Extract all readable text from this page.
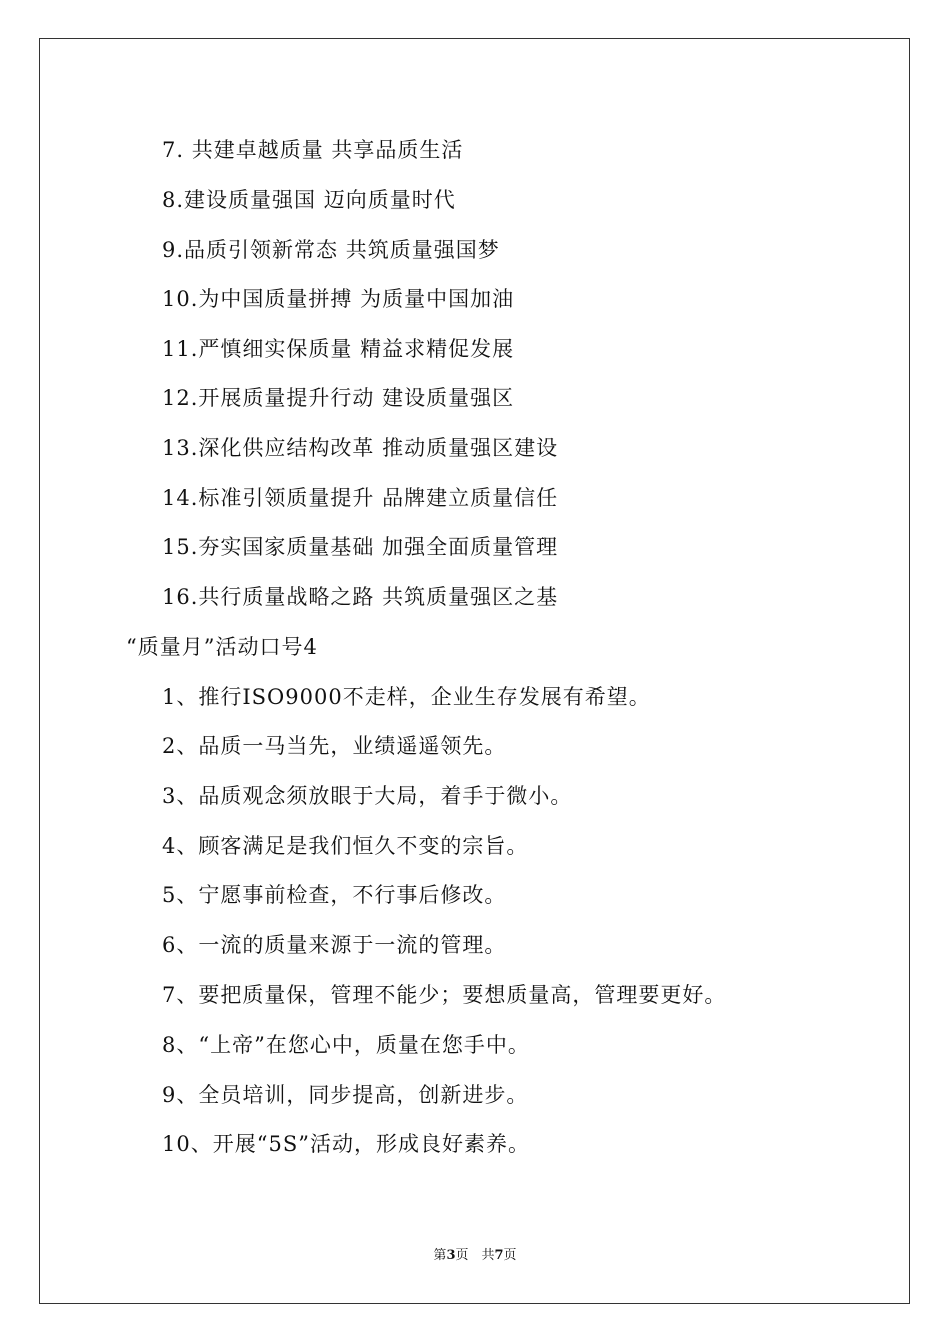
7. 共建卓越质量 共享品质生活
8.建设质量强国 迈向质量时代
9.品质引领新常态 共筑质量强国梦
10.为中国质量拼搏 为质量中国加油
11.严慎细实保质量 精益求精促发展
12.开展质量提升行动 建设质量强区
13.深化供应结构改革 推动质量强区建设
14.标准引领质量提升 品牌建立质量信任
15.夯实国家质量基础 加强全面质量管理
16.共行质量战略之路 共筑质量强区之基
“质量月”活动口号4
1、推行ISO9000不走样，企业生存发展有希望。
2、品质一马当先，业绩遥遥领先。
3、品质观念须放眼于大局，着手于微小。
4、顾客满足是我们恒久不变的宗旨。
5、宁愿事前检查，不行事后修改。
6、一流的质量来源于一流的管理。
7、要把质量保，管理不能少；要想质量高，管理要更好。
8、“上帝”在您心中，质量在您手中。
9、全员培训，同步提高，创新进步。
10、开展“5S”活动，形成良好素养。
第3页　共7页
